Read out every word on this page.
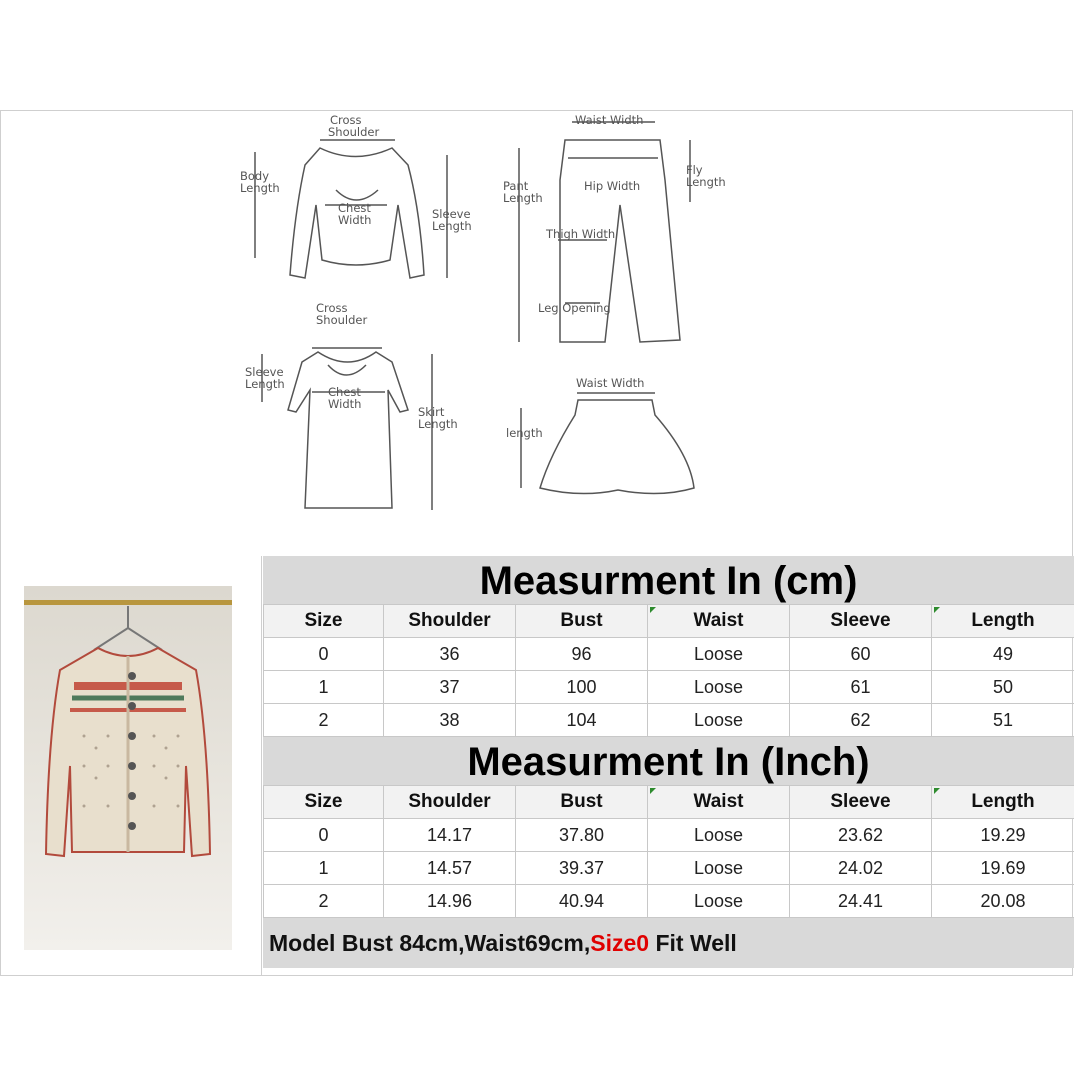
Cross
Shoulder
Body
Length
Chest
Width	Sleeve
Length
Waist Width
Pant
Length
Hip Width
Fly
Length
Thigh Width
Leg Opening
Cross
Shoulder
Sleeve
Length
Chest
Width
Skirt
Length
Waist Width
length
Measurment In (cm)
Size	Shoulder	Bust	Waist	Sleeve	Length
0	36	96	Loose	60	49
1	37	100	Loose	61	50
2	38	104	Loose	62	51
Measurment In (Inch)
Size	Shoulder	Bust	Waist	Sleeve	Length
0	14.17	37.80	Loose	23.62	19.29
1	14.57	39.37	Loose	24.02	19.69
2	14.96	40.94	Loose	24.41	20.08
Model Bust 84cm,Waist69cm,Size0 Fit Well
